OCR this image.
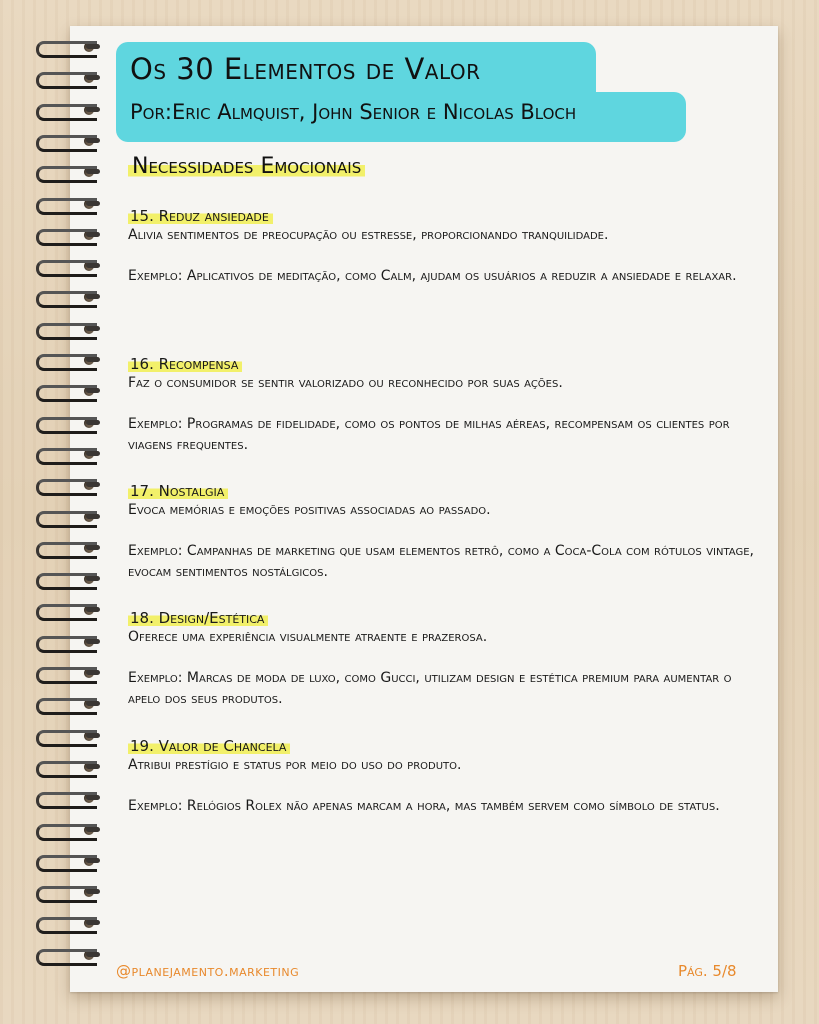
Os 30 Elementos de Valor
Por:Eric Almquist, John Senior e Nicolas Bloch
Necessidades Emocionais
15. Reduz ansiedade

Alivia sentimentos de preocupação ou estresse, proporcionando tranquilidade.

Exemplo: Aplicativos de meditação, como Calm, ajudam os usuários a reduzir a ansiedade e relaxar.

16. Recompensa

Faz o consumidor se sentir valorizado ou reconhecido por suas ações.

Exemplo: Programas de fidelidade, como os pontos de milhas aéreas, recompensam os clientes por viagens frequentes.

17. Nostalgia

Evoca memórias e emoções positivas associadas ao passado.

Exemplo: Campanhas de marketing que usam elementos retrô, como a Coca-Cola com rótulos vintage, evocam sentimentos nostálgicos.

18. Design/Estética

Oferece uma experiência visualmente atraente e prazerosa.

Exemplo: Marcas de moda de luxo, como Gucci, utilizam design e estética premium para aumentar o apelo dos seus produtos.

19. Valor de Chancela

Atribui prestígio e status por meio do uso do produto.

Exemplo: Relógios Rolex não apenas marcam a hora, mas também servem como símbolo de status.

@planejamento.marketing	Pág. 5/8
